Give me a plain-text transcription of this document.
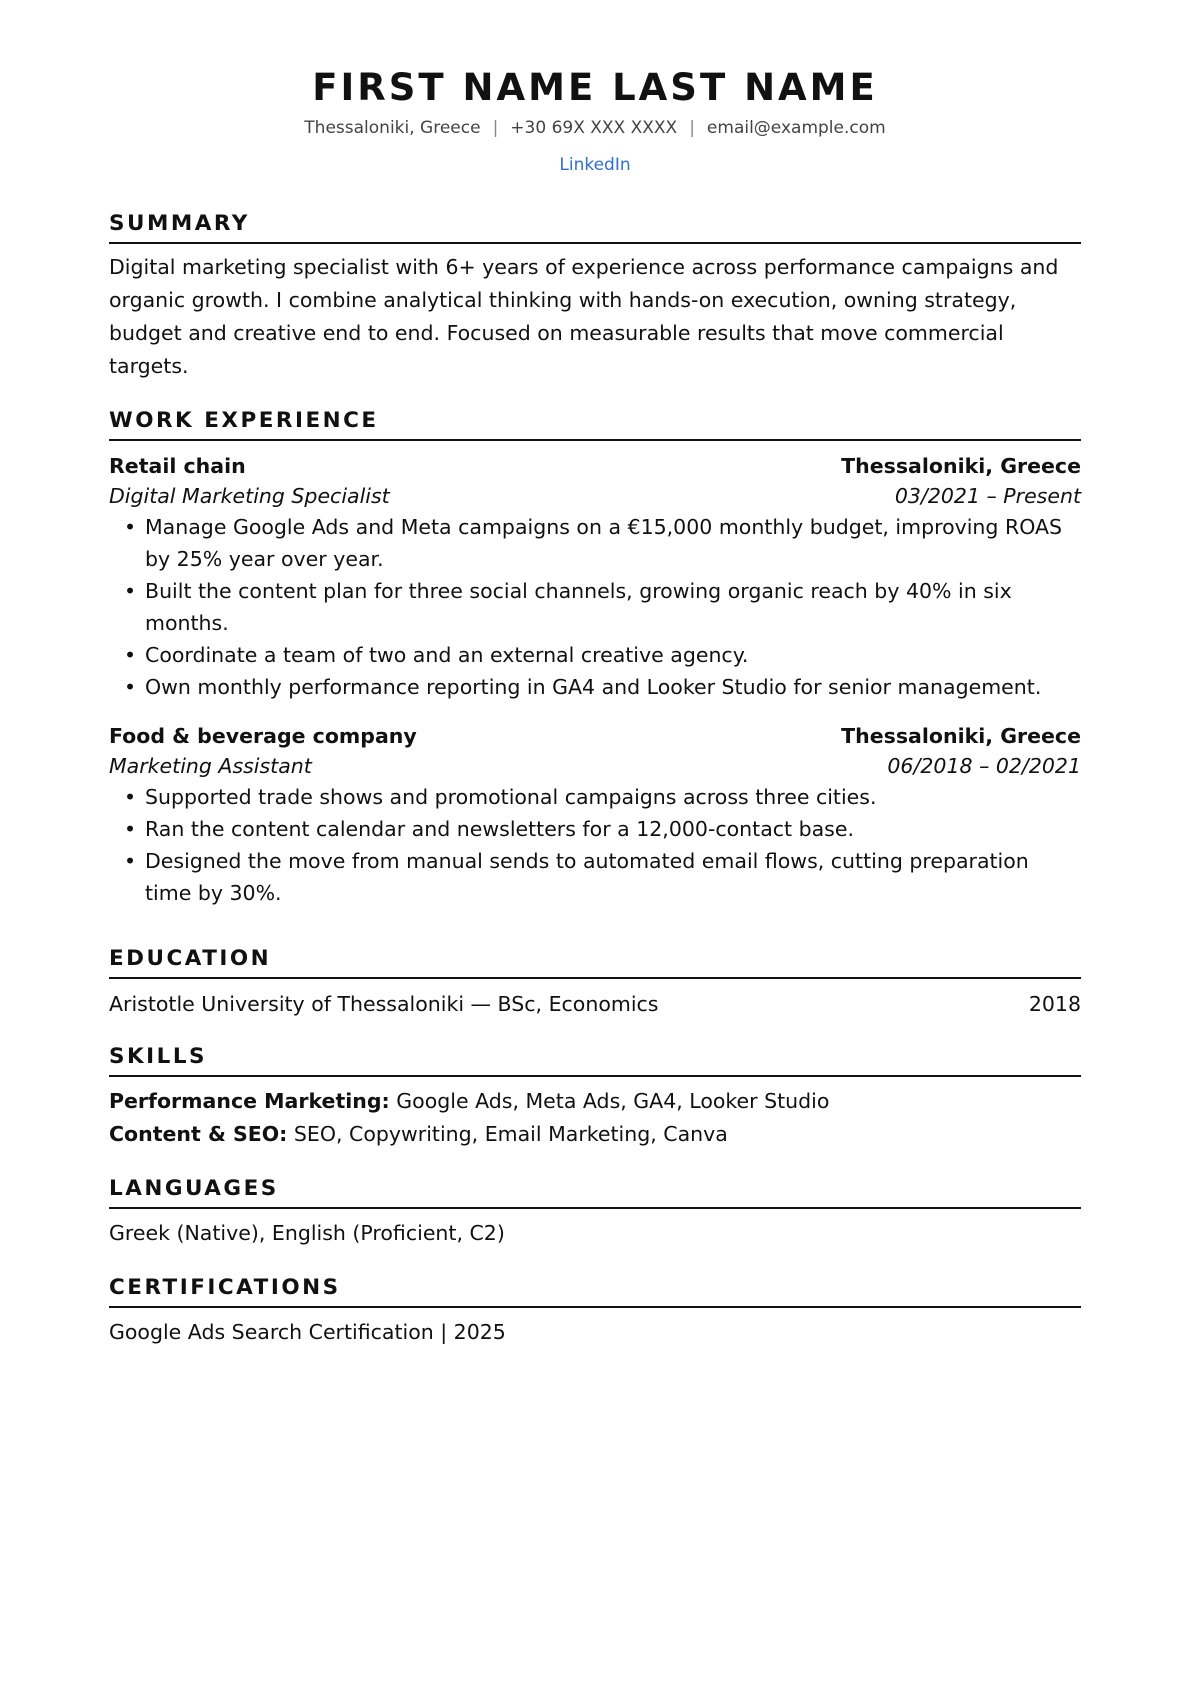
FIRST NAME LAST NAME
Thessaloniki, Greece | +30 69X XXX XXXX | email@example.com
LinkedIn
SUMMARY
Digital marketing specialist with 6+ years of experience across performance campaigns and organic growth. I combine analytical thinking with hands-on execution, owning strategy, budget and creative end to end. Focused on measurable results that move commercial targets.
WORK EXPERIENCE
Retail chain	Thessaloniki, Greece
Digital Marketing Specialist	03/2021 – Present
• Manage Google Ads and Meta campaigns on a €15,000 monthly budget, improving ROAS by 25% year over year.
• Built the content plan for three social channels, growing organic reach by 40% in six months.
• Coordinate a team of two and an external creative agency.
• Own monthly performance reporting in GA4 and Looker Studio for senior management.
Food & beverage company	Thessaloniki, Greece
Marketing Assistant	06/2018 – 02/2021
• Supported trade shows and promotional campaigns across three cities.
• Ran the content calendar and newsletters for a 12,000-contact base.
• Designed the move from manual sends to automated email flows, cutting preparation time by 30%.
EDUCATION
Aristotle University of Thessaloniki — BSc, Economics	2018
SKILLS
Performance Marketing: Google Ads, Meta Ads, GA4, Looker Studio
Content & SEO: SEO, Copywriting, Email Marketing, Canva
LANGUAGES
Greek (Native), English (Proficient, C2)
CERTIFICATIONS
Google Ads Search Certification | 2025
